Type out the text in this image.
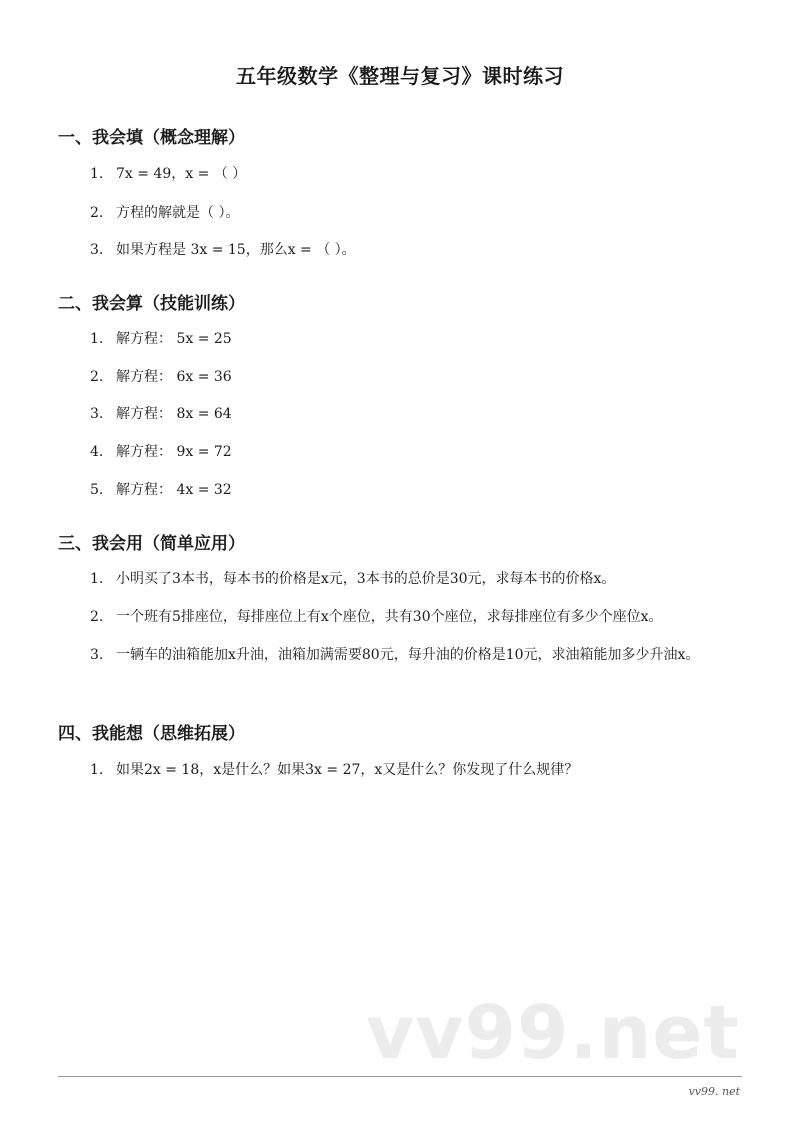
五年级数学《整理与复习》课时练习
一、我会填（概念理解）

1. 7x = 49，x = （ ）

2. 方程的解就是（ ）。

3. 如果方程是 3x = 15，那么x = （ ）。

二、我会算（技能训练）

1. 解方程： 5x = 25

2. 解方程： 6x = 36

3. 解方程： 8x = 64

4. 解方程： 9x = 72

5. 解方程： 4x = 32

三、我会用（简单应用）

1. 小明买了3本书，每本书的价格是x元，3本书的总价是30元，求每本书的价格x。

2. 一个班有5排座位，每排座位上有x个座位，共有30个座位，求每排座位有多少个座位x。

3. 一辆车的油箱能加x升油，油箱加满需要80元，每升油的价格是10元，求油箱能加多少升油x。

四、我能想（思维拓展）

1. 如果2x = 18，x是什么？如果3x = 27，x又是什么？你发现了什么规律？

vv99.net

vv99. net
